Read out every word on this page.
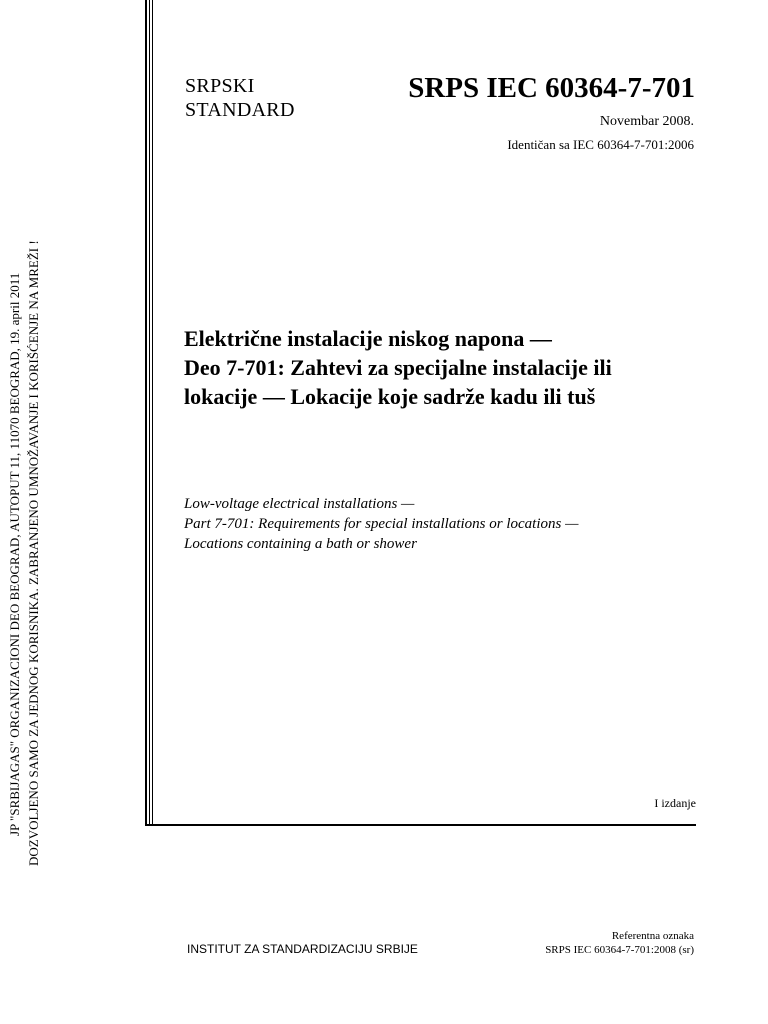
JP "SRBIJAGAS" ORGANIZACIONI DEO BEOGRAD, AUTOPUT 11, 11070 BEOGRAD, 19. april 2011 DOZVOLJENO SAMO ZA JEDNOG KORISNIKA. ZABRANJENO UMNOŽAVANJE I KORIŠĆENJE NA MREŽI !
SRPSKI
STANDARD
SRPS IEC 60364-7-701
Novembar 2008.
Identičan sa IEC 60364-7-701:2006
Električne instalacije niskog napona —
Deo 7-701: Zahtevi za specijalne instalacije ili
lokacije — Lokacije koje sadrže kadu ili tuš
Low-voltage electrical installations —
Part 7-701: Requirements for special installations or locations —
Locations containing a bath or shower
I izdanje
INSTITUT ZA STANDARDIZACIJU SRBIJE
Referentna oznaka
SRPS IEC 60364-7-701:2008 (sr)
